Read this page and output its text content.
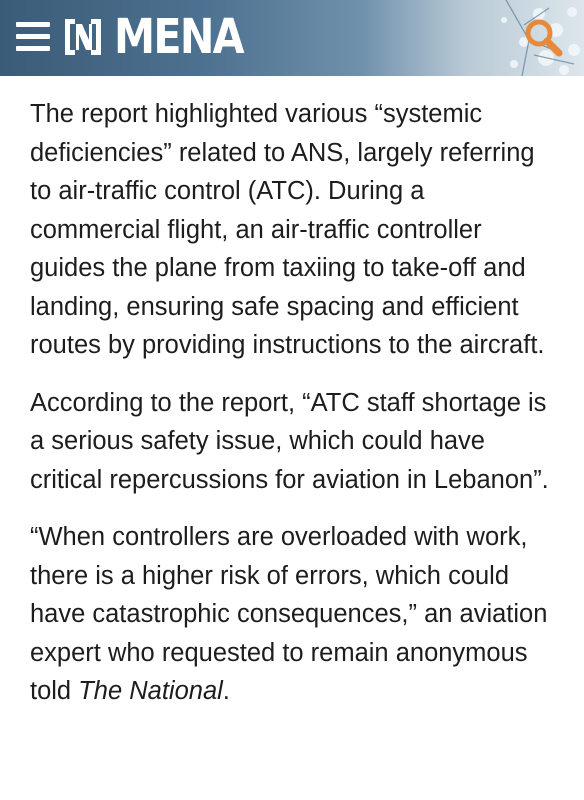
MENA

The report highlighted various “systemic deficiencies” related to ANS, largely referring to air-traffic control (ATC). During a commercial flight, an air-traffic controller guides the plane from taxiing to take-off and landing, ensuring safe spacing and efficient routes by providing instructions to the aircraft.

According to the report, “ATC staff shortage is a serious safety issue, which could have critical repercussions for aviation in Lebanon”.

“When controllers are overloaded with work, there is a higher risk of errors, which could have catastrophic consequences,” an aviation expert who requested to remain anonymous told The National.
